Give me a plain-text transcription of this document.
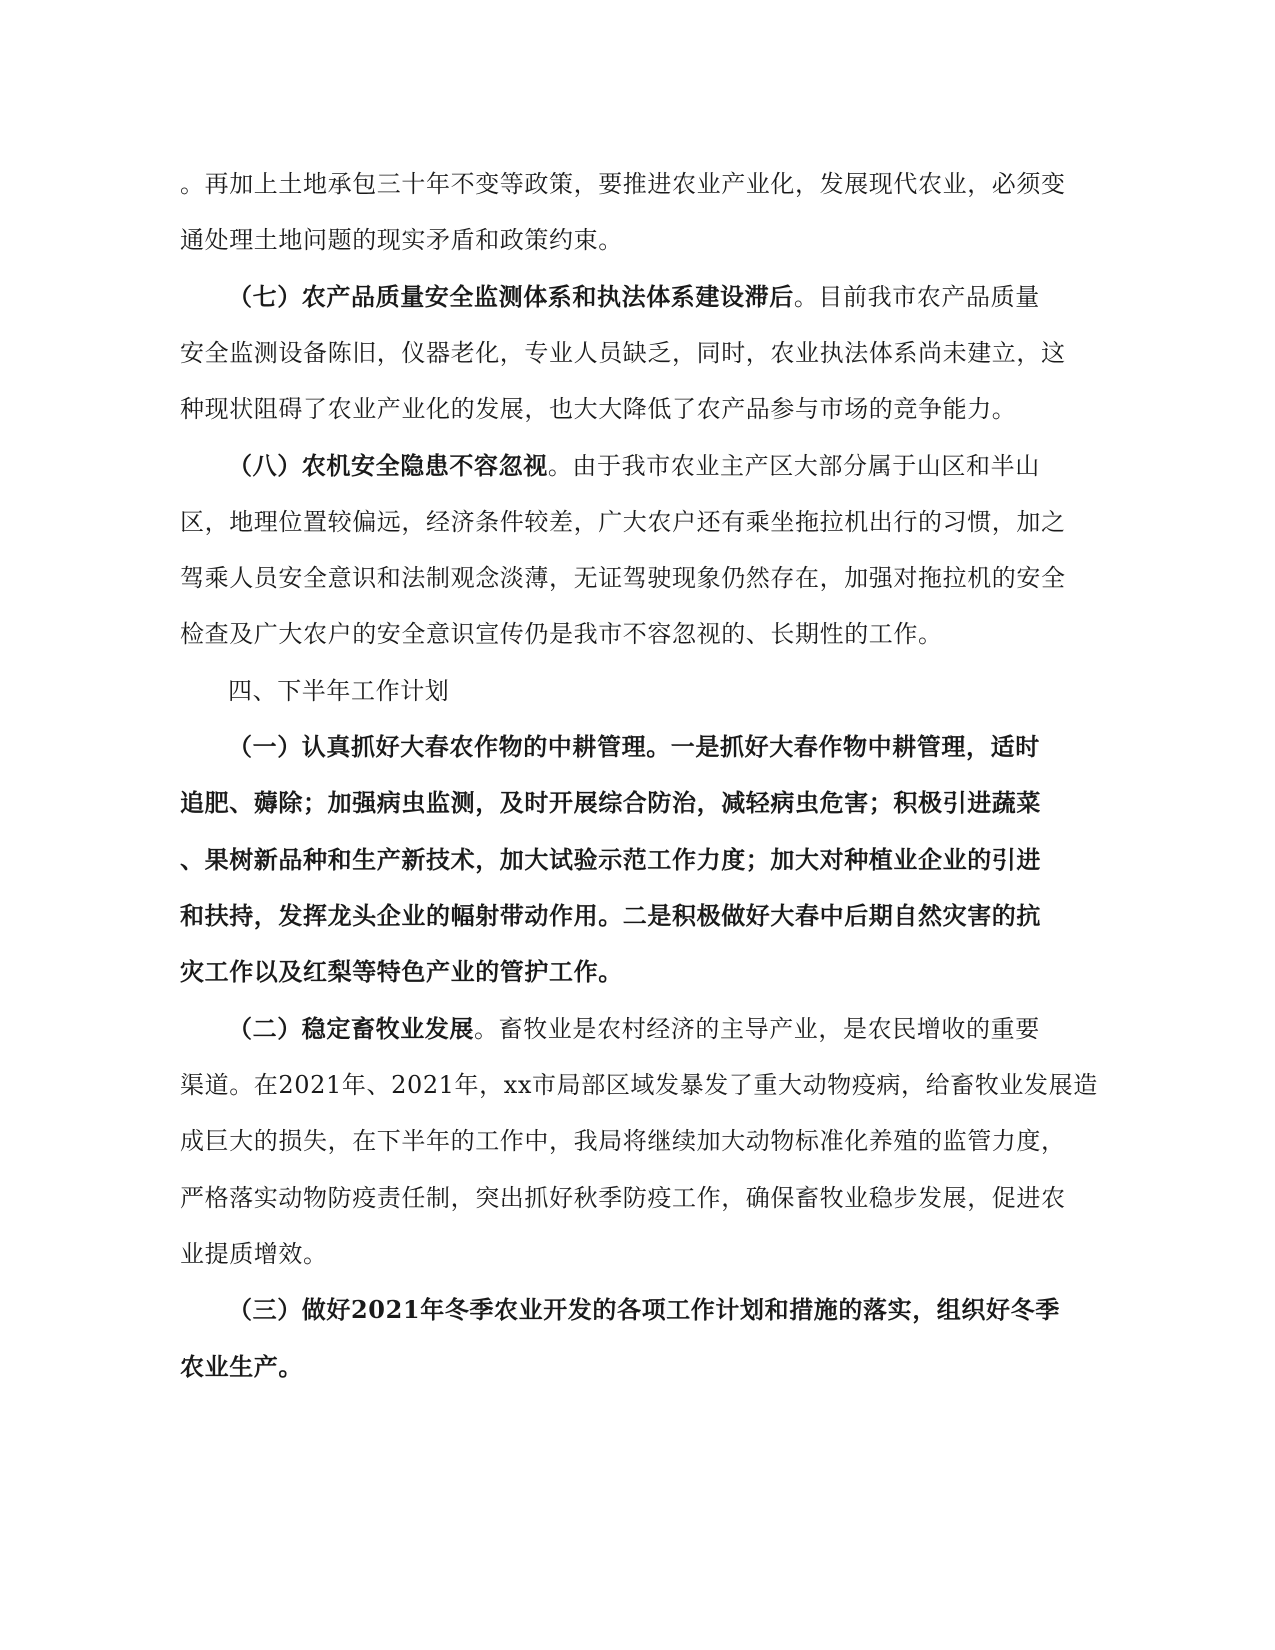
。再加上土地承包三十年不变等政策，要推进农业产业化，发展现代农业，必须变
通处理土地问题的现实矛盾和政策约束。
（七）农产品质量安全监测体系和执法体系建设滞后。目前我市农产品质量
安全监测设备陈旧，仪器老化，专业人员缺乏，同时，农业执法体系尚未建立，这
种现状阻碍了农业产业化的发展，也大大降低了农产品参与市场的竞争能力。
（八）农机安全隐患不容忽视。由于我市农业主产区大部分属于山区和半山
区，地理位置较偏远，经济条件较差，广大农户还有乘坐拖拉机出行的习惯，加之
驾乘人员安全意识和法制观念淡薄，无证驾驶现象仍然存在，加强对拖拉机的安全
检查及广大农户的安全意识宣传仍是我市不容忽视的、长期性的工作。
四、下半年工作计划
（一）认真抓好大春农作物的中耕管理。一是抓好大春作物中耕管理，适时
追肥、薅除；加强病虫监测，及时开展综合防治，减轻病虫危害；积极引进蔬菜
、果树新品种和生产新技术，加大试验示范工作力度；加大对种植业企业的引进
和扶持，发挥龙头企业的幅射带动作用。二是积极做好大春中后期自然灾害的抗
灾工作以及红梨等特色产业的管护工作。
（二）稳定畜牧业发展。畜牧业是农村经济的主导产业，是农民增收的重要
渠道。在2021年、2021年，xx市局部区域发暴发了重大动物疫病，给畜牧业发展造
成巨大的损失，在下半年的工作中，我局将继续加大动物标准化养殖的监管力度，
严格落实动物防疫责任制，突出抓好秋季防疫工作，确保畜牧业稳步发展，促进农
业提质增效。
（三）做好2021年冬季农业开发的各项工作计划和措施的落实，组织好冬季
农业生产。
